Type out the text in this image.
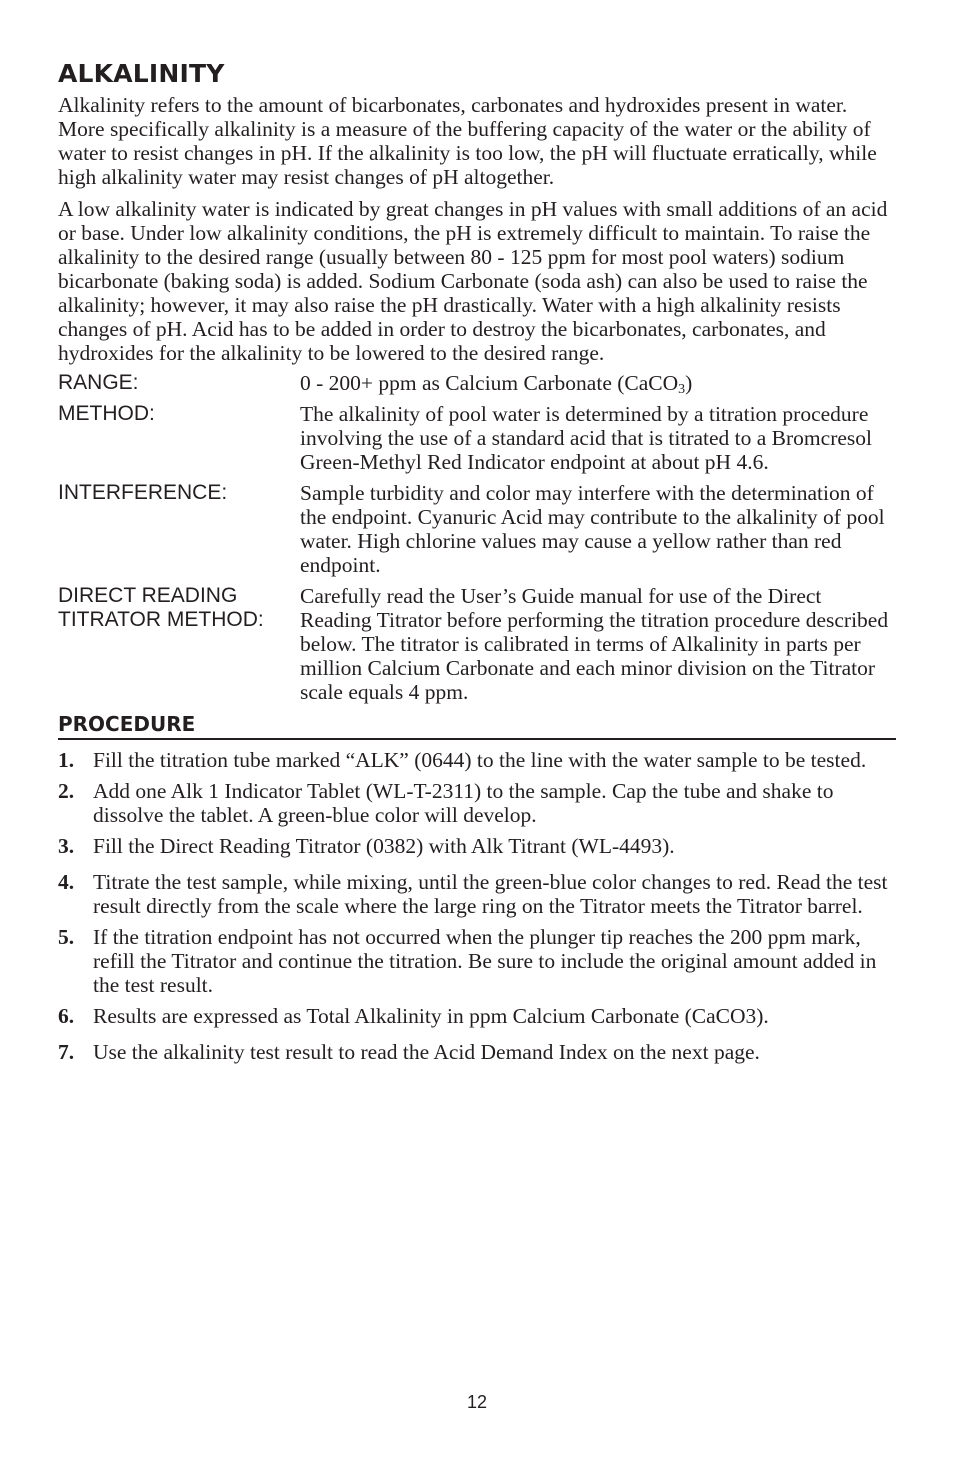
ALKALINITY

Alkalinity refers to the amount of bicarbonates, carbonates and hydroxides present in water. More specifically alkalinity is a measure of the buffering capacity of the water or the ability of water to resist changes in pH. If the alkalinity is too low, the pH will fluctuate erratically, while high alkalinity water may resist changes of pH altogether.

A low alkalinity water is indicated by great changes in pH values with small additions of an acid or base. Under low alkalinity conditions, the pH is extremely difficult to maintain. To raise the alkalinity to the desired range (usually between 80 - 125 ppm for most pool waters) sodium bicarbonate (baking soda) is added. Sodium Carbonate (soda ash) can also be used to raise the alkalinity; however, it may also raise the pH drastically. Water with a high alkalinity resists changes of pH. Acid has to be added in order to destroy the bicarbonates, carbonates, and hydroxides for the alkalinity to be lowered to the desired range.

RANGE:	0 - 200+ ppm as Calcium Carbonate (CaCO$_3$)
METHOD:	The alkalinity of pool water is determined by a titration procedure involving the use of a standard acid that is titrated to a Bromcresol Green-Methyl Red Indicator endpoint at about pH 4.6.
INTERFERENCE:	Sample turbidity and color may interfere with the determination of the endpoint. Cyanuric Acid may contribute to the alkalinity of pool water. High chlorine values may cause a yellow rather than red endpoint.
DIRECT READING
TITRATOR METHOD:
Carefully read the User’s Guide manual for use of the Direct Reading Titrator before performing the titration procedure described below. The titrator is calibrated in terms of Alkalinity in parts per million Calcium Carbonate and each minor division on the Titrator scale equals 4 ppm.
PROCEDURE
1. Fill the titration tube marked “ALK” (0644) to the line with the water sample to be tested.
2. Add one Alk 1 Indicator Tablet (WL-T-2311) to the sample. Cap the tube and shake to dissolve the tablet. A green-blue color will develop.
3. Fill the Direct Reading Titrator (0382) with Alk Titrant (WL-4493).
4. Titrate the test sample, while mixing, until the green-blue color changes to red. Read the test result directly from the scale where the large ring on the Titrator meets the Titrator barrel.
5. If the titration endpoint has not occurred when the plunger tip reaches the 200 ppm mark, refill the Titrator and continue the titration. Be sure to include the original amount added in the test result.
6. Results are expressed as Total Alkalinity in ppm Calcium Carbonate (CaCO3).
7. Use the alkalinity test result to read the Acid Demand Index on the next page.
12
